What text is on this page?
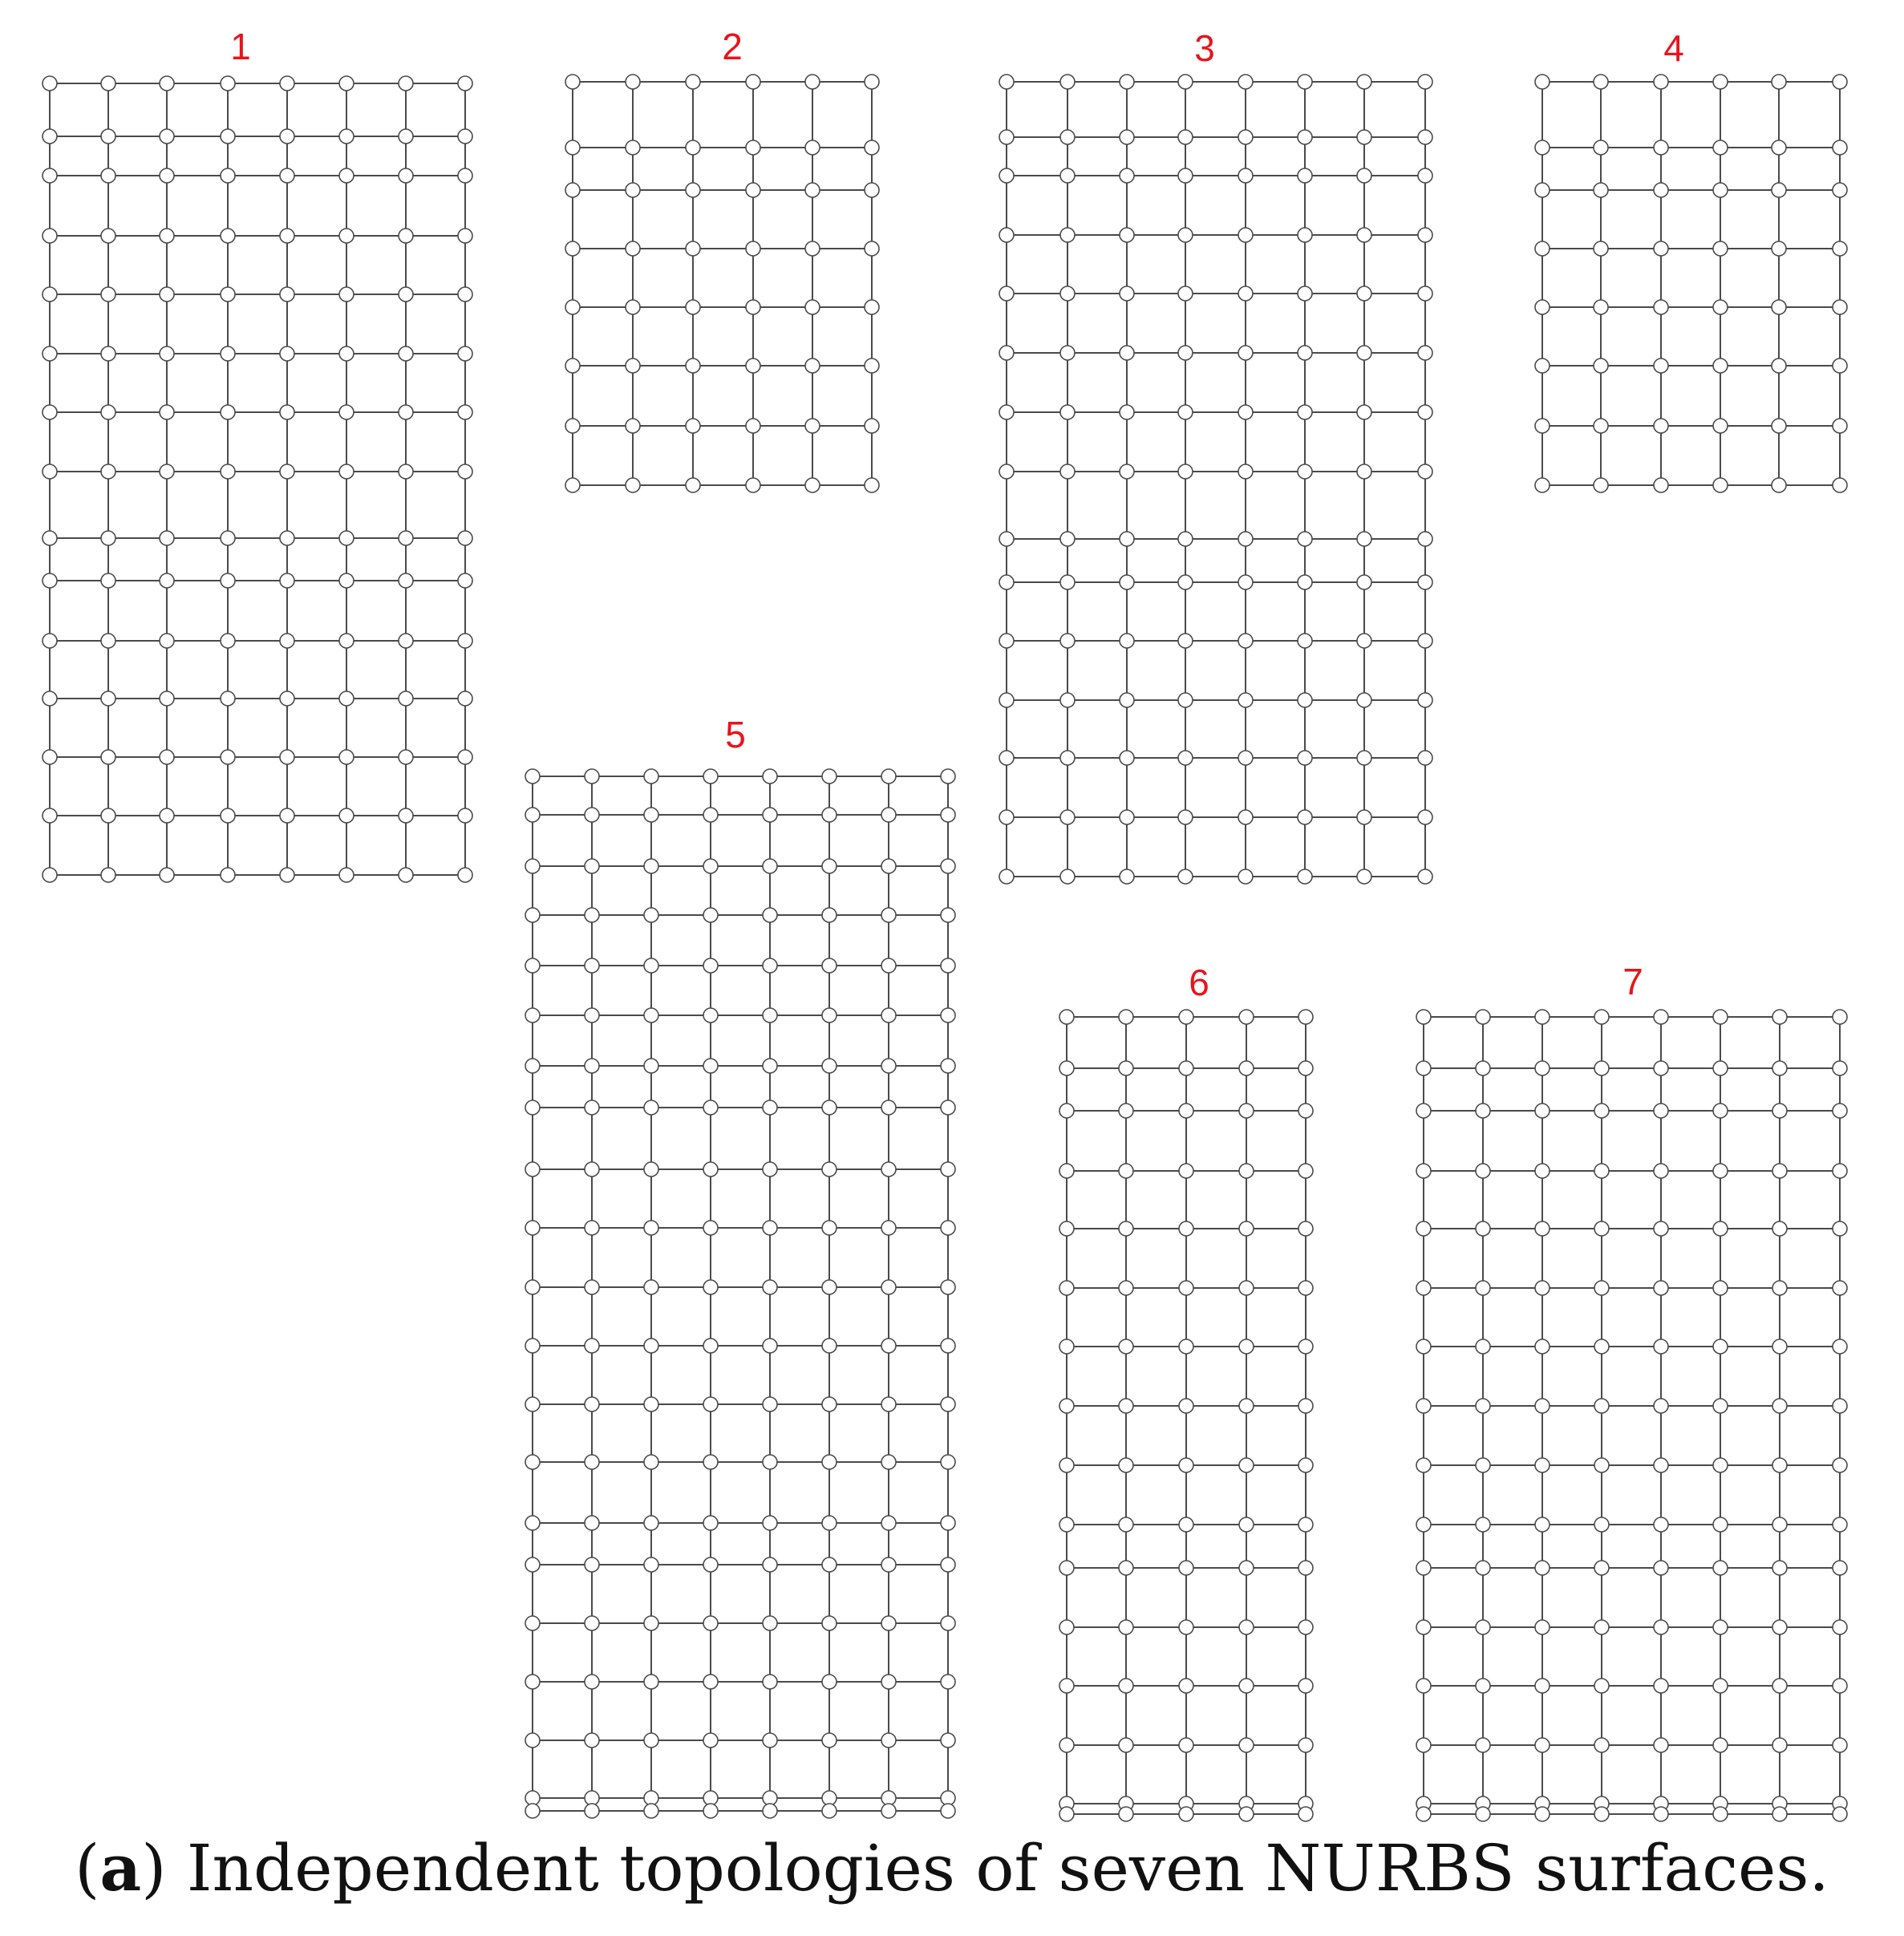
1	2	3	4
5
6	7
(a) Independent topologies of seven NURBS surfaces.
